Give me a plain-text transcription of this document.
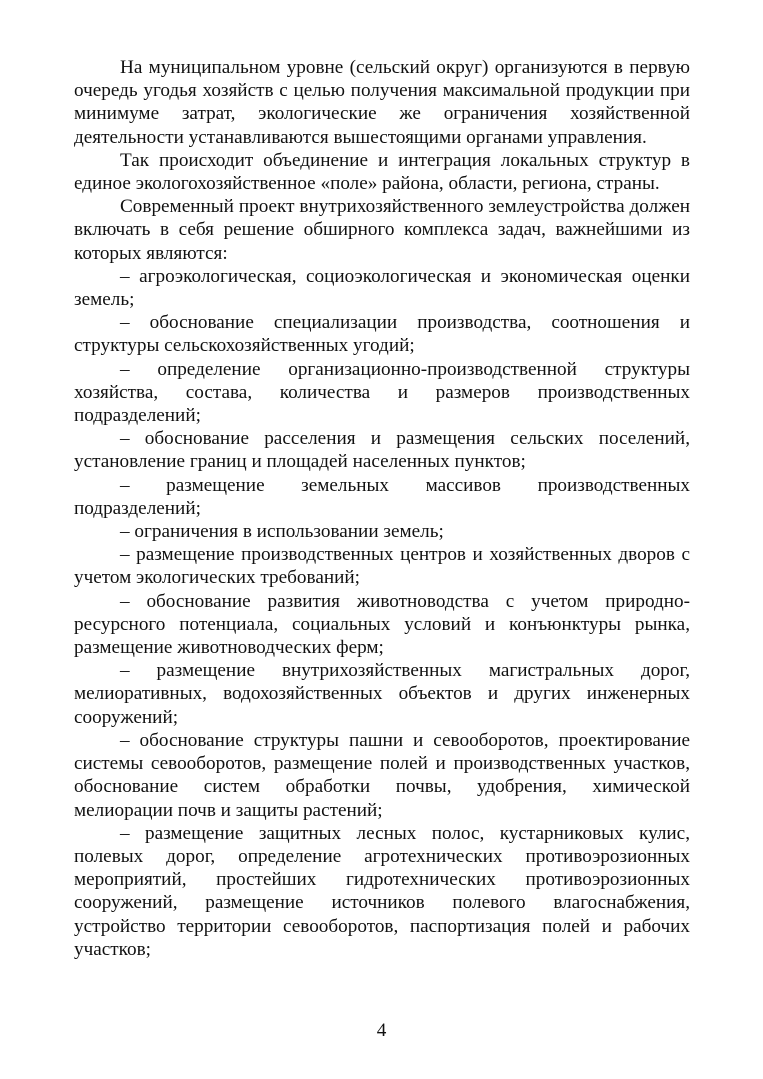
На муниципальном уровне (сельский округ) организуются в первую очередь угодья хозяйств с целью получения максимальной продукции при минимуме затрат, экологические же ограничения хозяйственной деятельности устанавливаются вышестоящими органами управления.

Так происходит объединение и интеграция локальных структур в единое экологохозяйственное «поле» района, области, региона, страны.

Современный проект внутрихозяйственного землеустройства должен включать в себя решение обширного комплекса задач, важнейшими из которых являются:

– агроэкологическая, социоэкологическая и экономическая оценки земель;

– обоснование специализации производства, соотношения и структуры сельскохозяйственных угодий;

– определение организационно-производственной структуры хозяйства, состава, количества и размеров производственных подразделений;

– обоснование расселения и размещения сельских поселений, установление границ и площадей населенных пунктов;

– размещение земельных массивов производственных подразделений;

– ограничения в использовании земель;

– размещение производственных центров и хозяйственных дворов с учетом экологических требований;

– обоснование развития животноводства с учетом природно-ресурсного потенциала, социальных условий и конъюнктуры рынка, размещение животноводческих ферм;

– размещение внутрихозяйственных магистральных дорог, мелиоративных, водохозяйственных объектов и других инженерных сооружений;

– обоснование структуры пашни и севооборотов, проектирование системы севооборотов, размещение полей и производственных участков, обоснование систем обработки почвы, удобрения, химической мелиорации почв и защиты растений;

– размещение защитных лесных полос, кустарниковых кулис, полевых дорог, определение агротехнических противоэрозионных мероприятий, простейших гидротехнических противоэрозионных сооружений, размещение источников полевого влагоснабжения, устройство территории севооборотов, паспортизация полей и рабочих участков;

4
